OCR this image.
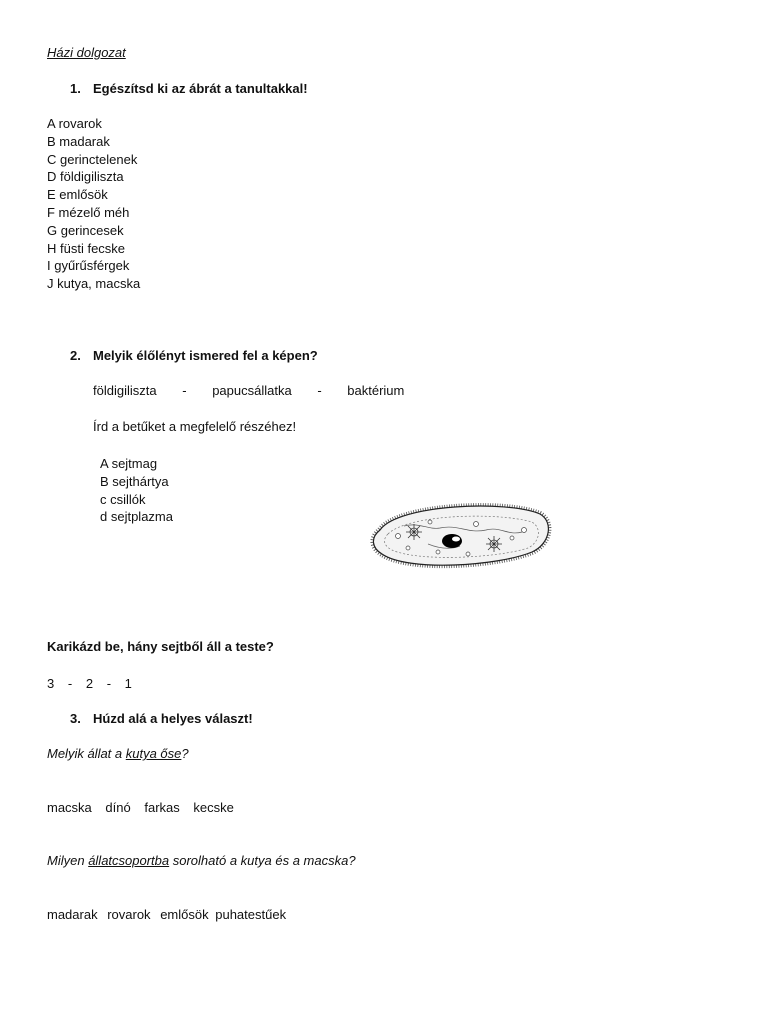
Házi dolgozat
1. Egészítsd ki az ábrát a tanultakkal!
A rovarok
B madarak
C gerinctelenek
D földigiliszta
E emlősök
F mézelő méh
G gerincesek
H füsti fecske
I gyűrűsférgek
J kutya, macska
2. Melyik élőlényt ismered fel a képen?
földigiliszta - papucsállatka - baktérium
Írd a betűket a megfelelő részéhez!
A sejtmag
B sejthártya
c csillók
d sejtplazma
Karikázd be, hány sejtből áll a teste?
3 - 2 - 1
3. Húzd alá a helyes választ!
Melyik állat a kutya őse?
macska dínó farkas kecske
Milyen állatcsoportba sorolható a kutya és a macska?
madarak rovarok emlősök puhatestűek
